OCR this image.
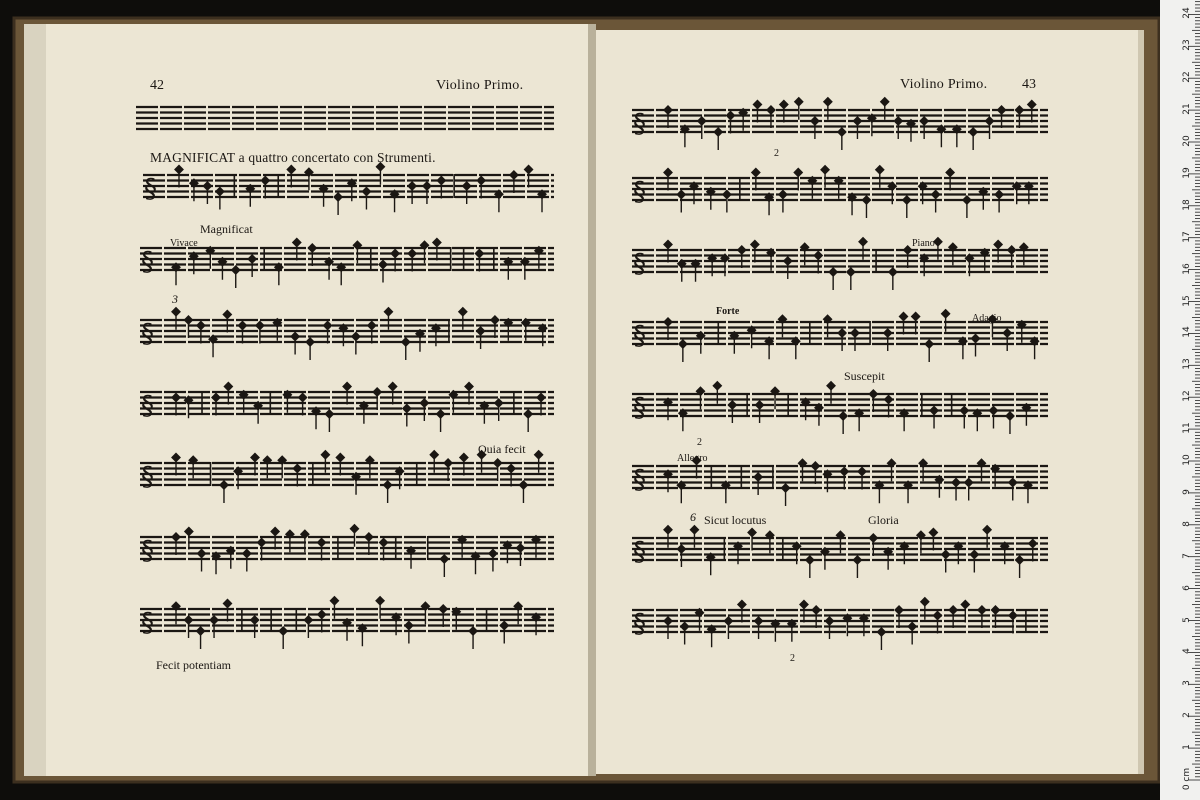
§
§
§
§
§
§
§
§
§
§
§
§
§
§
§
42	Violino Primo.
MAGNIFICAT a quattro concertato con Strumenti.
Magnificat
Vivace
3
Quia fecit
Fecit potentiam
Violino Primo. 43
2
Piano
Forte
Adagio
Suscepit
2
Allegro
6 Sicut locutus	Gloria
2
24
23
22
21
20
19
18
17
16
15
14
13
12
11
10
9
8
7
6
5
4
3
2
1
0 cm
